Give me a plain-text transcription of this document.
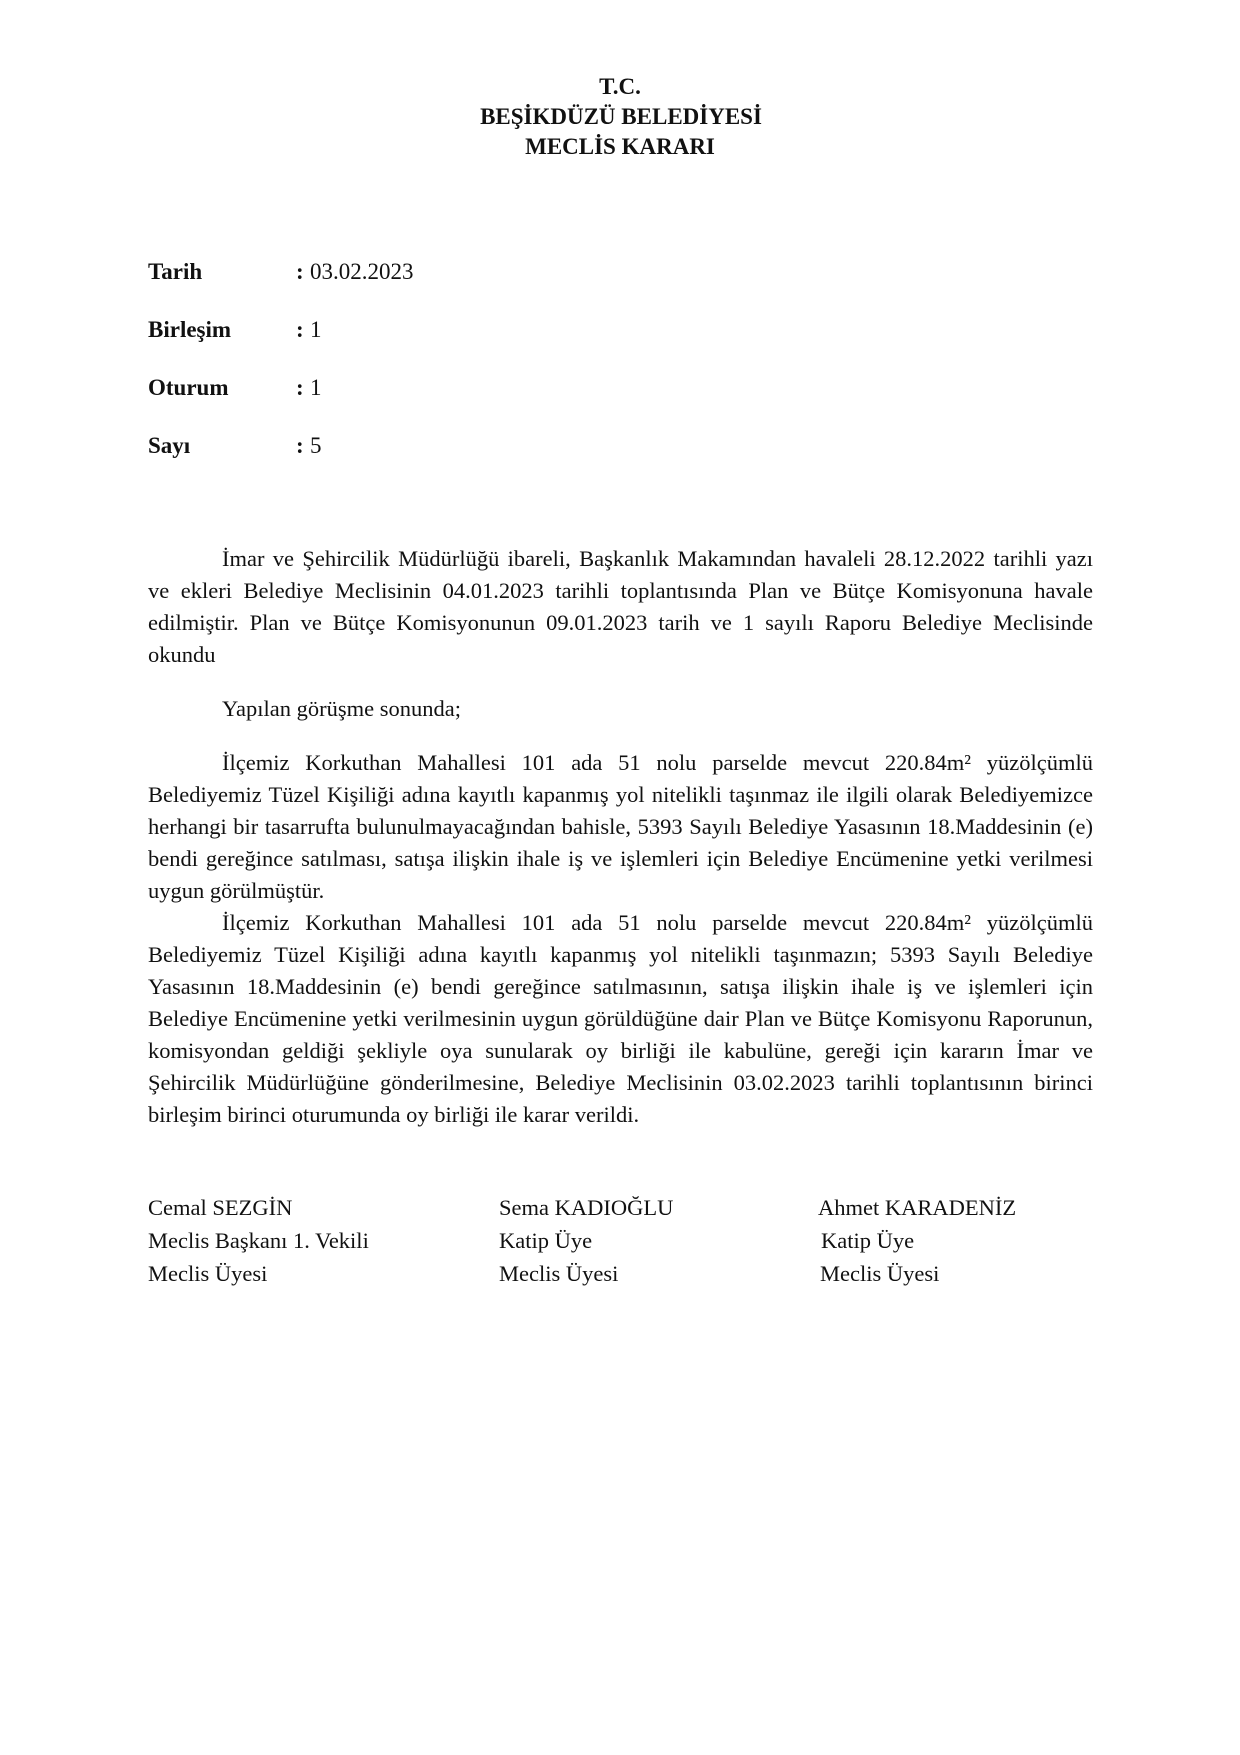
T.C.
BEŞİKDÜZÜ BELEDİYESİ
MECLİS KARARI
Tarih	: 03.02.2023
Birleşim	: 1
Oturum	: 1
Sayı	: 5

İmar ve Şehircilik Müdürlüğü ibareli, Başkanlık Makamından havaleli 28.12.2022 tarihli yazı ve ekleri Belediye Meclisinin 04.01.2023 tarihli toplantısında Plan ve Bütçe Komisyonuna havale edilmiştir. Plan ve Bütçe Komisyonunun 09.01.2023 tarih ve 1 sayılı Raporu Belediye Meclisinde okundu

Yapılan görüşme sonunda;

İlçemiz Korkuthan Mahallesi 101 ada 51 nolu parselde mevcut 220.84m² yüzölçümlü Belediyemiz Tüzel Kişiliği adına kayıtlı kapanmış yol nitelikli taşınmaz ile ilgili olarak Belediyemizce herhangi bir tasarrufta bulunulmayacağından bahisle, 5393 Sayılı Belediye Yasasının 18.Maddesinin (e) bendi gereğince satılması, satışa ilişkin ihale iş ve işlemleri için Belediye Encümenine yetki verilmesi uygun görülmüştür.

İlçemiz Korkuthan Mahallesi 101 ada 51 nolu parselde mevcut 220.84m² yüzölçümlü Belediyemiz Tüzel Kişiliği adına kayıtlı kapanmış yol nitelikli taşınmazın; 5393 Sayılı Belediye Yasasının 18.Maddesinin (e) bendi gereğince satılmasının, satışa ilişkin ihale iş ve işlemleri için Belediye Encümenine yetki verilmesinin uygun görüldüğüne dair Plan ve Bütçe Komisyonu Raporunun, komisyondan geldiği şekliyle oya sunularak oy birliği ile kabulüne, gereği için kararın İmar ve Şehircilik Müdürlüğüne gönderilmesine, Belediye Meclisinin 03.02.2023 tarihli toplantısının birinci birleşim birinci oturumunda oy birliği ile karar verildi.

Cemal SEZGİN
Meclis Başkanı 1. Vekili
Meclis Üyesi
Sema KADIOĞLU
Katip Üye
Meclis Üyesi
Ahmet KARADENİZ
Katip Üye
Meclis Üyesi
